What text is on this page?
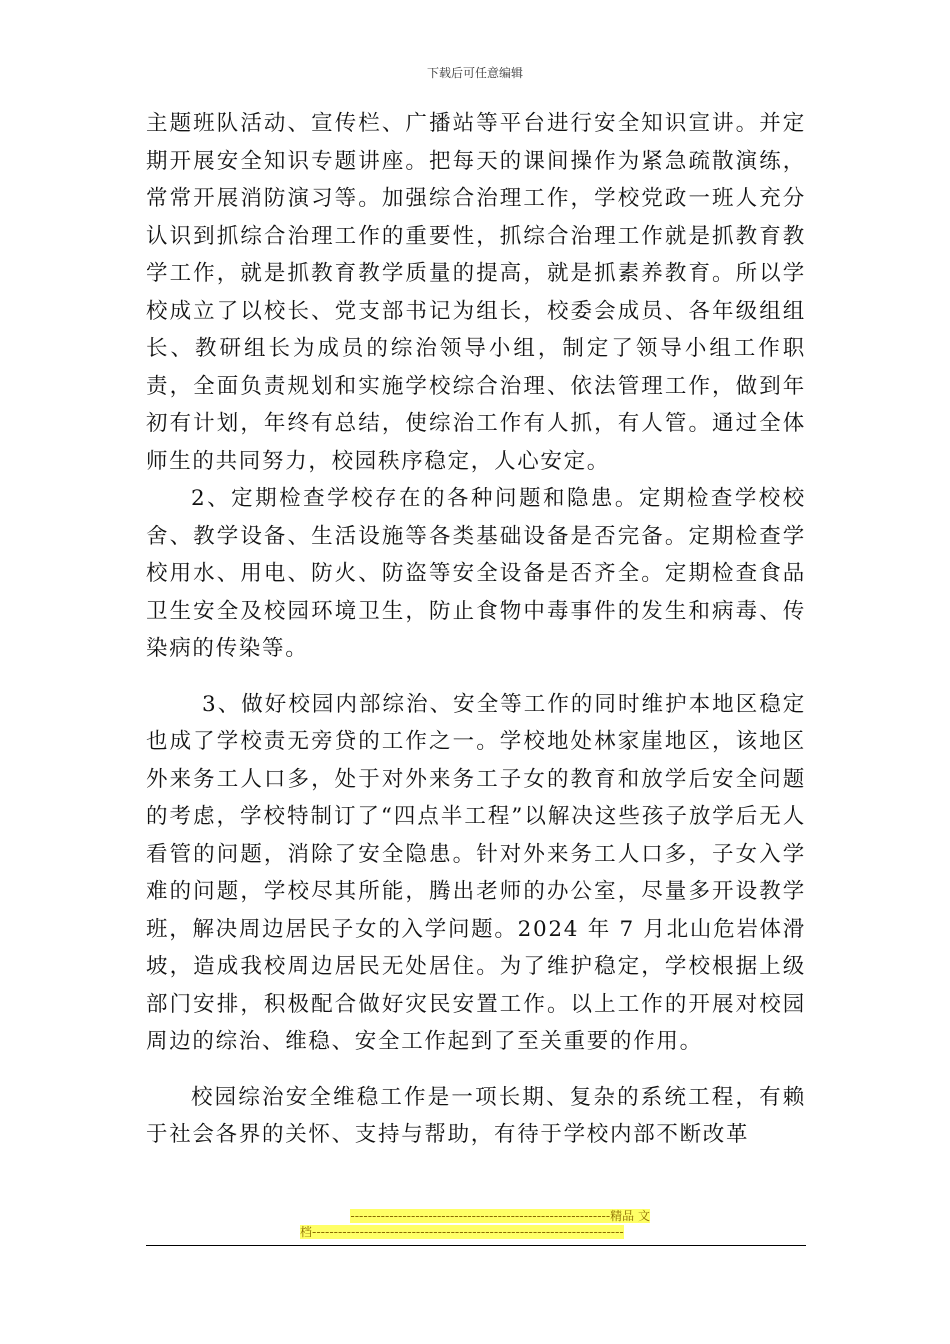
下载后可任意编辑

主题班队活动、宣传栏、广播站等平台进行安全知识宣讲。并定期开展安全知识专题讲座。把每天的课间操作为紧急疏散演练，常常开展消防演习等。加强综合治理工作，学校党政一班人充分认识到抓综合治理工作的重要性，抓综合治理工作就是抓教育教学工作，就是抓教育教学质量的提高，就是抓素养教育。所以学校成立了以校长、党支部书记为组长，校委会成员、各年级组组长、教研组长为成员的综治领导小组，制定了领导小组工作职责，全面负责规划和实施学校综合治理、依法管理工作，做到年初有计划，年终有总结，使综治工作有人抓，有人管。通过全体师生的共同努力，校园秩序稳定，人心安定。

2、定期检查学校存在的各种问题和隐患。定期检查学校校舍、教学设备、生活设施等各类基础设备是否完备。定期检查学校用水、用电、防火、防盗等安全设备是否齐全。定期检查食品卫生安全及校园环境卫生，防止食物中毒事件的发生和病毒、传染病的传染等。

3、做好校园内部综治、安全等工作的同时维护本地区稳定也成了学校责无旁贷的工作之一。学校地处林家崖地区，该地区外来务工人口多，处于对外来务工子女的教育和放学后安全问题的考虑，学校特制订了“四点半工程”以解决这些孩子放学后无人看管的问题，消除了安全隐患。针对外来务工人口多，子女入学难的问题，学校尽其所能，腾出老师的办公室，尽量多开设教学班，解决周边居民子女的入学问题。2024 年 7 月北山危岩体滑坡，造成我校周边居民无处居住。为了维护稳定，学校根据上级部门安排，积极配合做好灾民安置工作。以上工作的开展对校园周边的综治、维稳、安全工作起到了至关重要的作用。

校园综治安全维稳工作是一项长期、复杂的系统工程，有赖于社会各界的关怀、支持与帮助，有待于学校内部不断改革

------------------------------------------------------------精品 文
档------------------------------------------------------------------------
